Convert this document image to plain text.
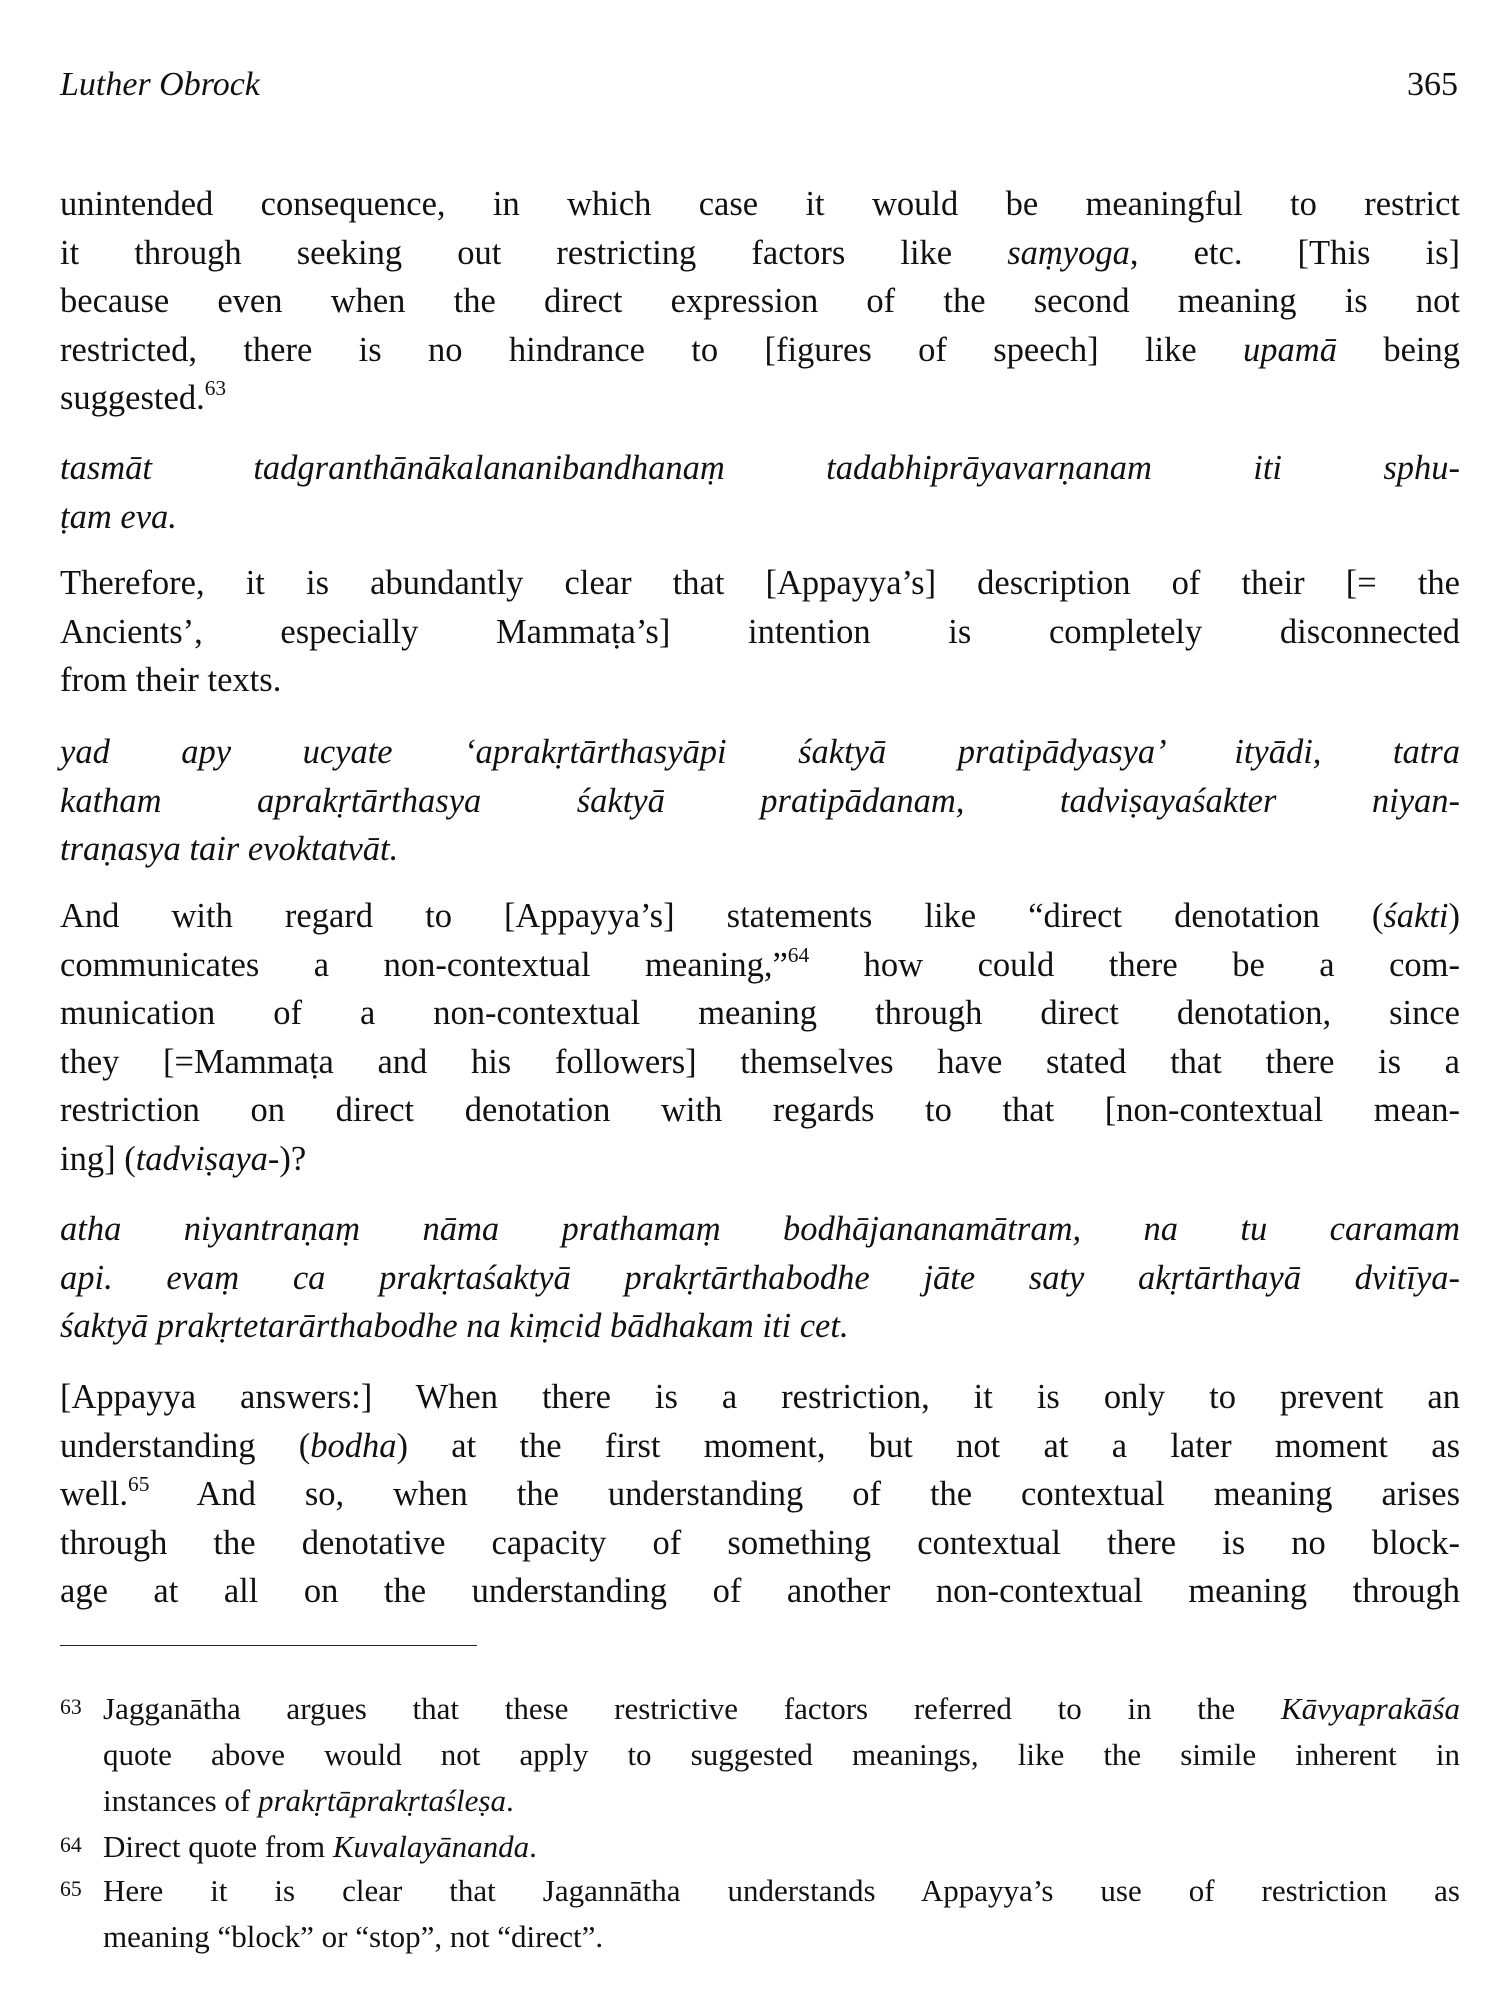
Luther Obrock	365
unintended consequence, in which case it would be meaningful to restrict
it through seeking out restricting factors like saṃyoga, etc. [This is]
because even when the direct expression of the second meaning is not
restricted, there is no hindrance to [figures of speech] like upamā being
suggested.$^{63}$
tasmāt tadgranthānākalananibandhanaṃ tadabhiprāyavarṇanam iti sphu-
ṭam eva.
Therefore, it is abundantly clear that [Appayya’s] description of their [= the
Ancients’, especially Mammaṭa’s] intention is completely disconnected
from their texts.
yad apy ucyate ‘aprakṛtārthasyāpi śaktyā pratipādyasya’ ityādi, tatra
katham aprakṛtārthasya śaktyā pratipādanam, tadviṣayaśakter niyan-
traṇasya tair evoktatvāt.
And with regard to [Appayya’s] statements like “direct denotation (śakti)
communicates a non-contextual meaning,”$^{64}$ how could there be a com-
munication of a non-contextual meaning through direct denotation, since
they [=Mammaṭa and his followers] themselves have stated that there is a
restriction on direct denotation with regards to that [non-contextual mean-
ing] (tadviṣaya-)?
atha niyantraṇaṃ nāma prathamaṃ bodhājananamātram, na tu caramam
api. evaṃ ca prakṛtaśaktyā prakṛtārthabodhe jāte saty akṛtārthayā dvitīya-
śaktyā prakṛtetarārthabodhe na kiṃcid bādhakam iti cet.
[Appayya answers:] When there is a restriction, it is only to prevent an
understanding (bodha) at the first moment, but not at a later moment as
well.$^{65}$ And so, when the understanding of the contextual meaning arises
through the denotative capacity of something contextual there is no block-
age at all on the understanding of another non-contextual meaning through
63 Jagganātha argues that these restrictive factors referred to in the Kāvyaprakāśa
quote above would not apply to suggested meanings, like the simile inherent in
instances of prakṛtāprakṛtaśleṣa.
64 Direct quote from Kuvalayānanda.
65 Here it is clear that Jagannātha understands Appayya’s use of restriction as
meaning “block” or “stop”, not “direct”.
